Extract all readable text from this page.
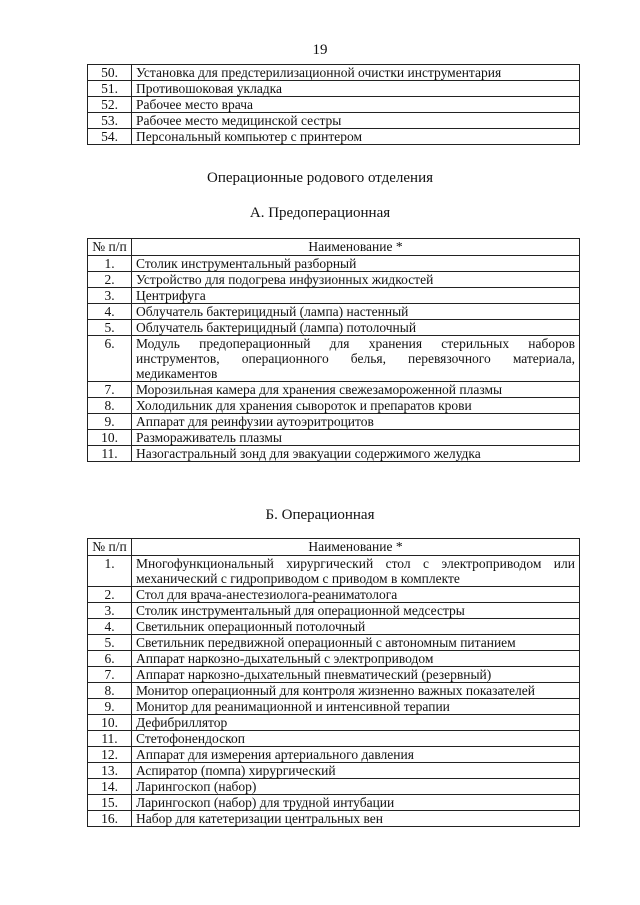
19
50.	Установка для предстерилизационной очистки инструментария
51.	Противошоковая укладка
52.	Рабочее место врача
53.	Рабочее место медицинской сестры
54.	Персональный компьютер с принтером
Операционные родового отделения
А. Предоперационная
№ п/п	Наименование *
1.	Столик инструментальный разборный
2.	Устройство для подогрева инфузионных жидкостей
3.	Центрифуга
4.	Облучатель бактерицидный (лампа) настенный
5.	Облучатель бактерицидный (лампа) потолочный
6.	Модуль предоперационный для хранения стерильных наборов инструментов, операционного белья, перевязочного материала, медикаментов
7.	Морозильная камера для хранения свежезамороженной плазмы
8.	Холодильник для хранения сывороток и препаратов крови
9.	Аппарат для реинфузии аутоэритроцитов
10.	Размораживатель плазмы
11.	Назогастральный зонд для эвакуации содержимого желудка
Б. Операционная
№ п/п	Наименование *
1.	Многофункциональный хирургический стол с электроприводом или механический с гидроприводом с приводом в комплекте
2.	Стол для врача-анестезиолога-реаниматолога
3.	Столик инструментальный для операционной медсестры
4.	Светильник операционный потолочный
5.	Светильник передвижной операционный с автономным питанием
6.	Аппарат наркозно-дыхательный с электроприводом
7.	Аппарат наркозно-дыхательный пневматический (резервный)
8.	Монитор операционный для контроля жизненно важных показателей
9.	Монитор для реанимационной и интенсивной терапии
10.	Дефибриллятор
11.	Стетофонендоскоп
12.	Аппарат для измерения артериального давления
13.	Аспиратор (помпа) хирургический
14.	Ларингоскоп (набор)
15.	Ларингоскоп (набор) для трудной интубации
16.	Набор для катетеризации центральных вен
